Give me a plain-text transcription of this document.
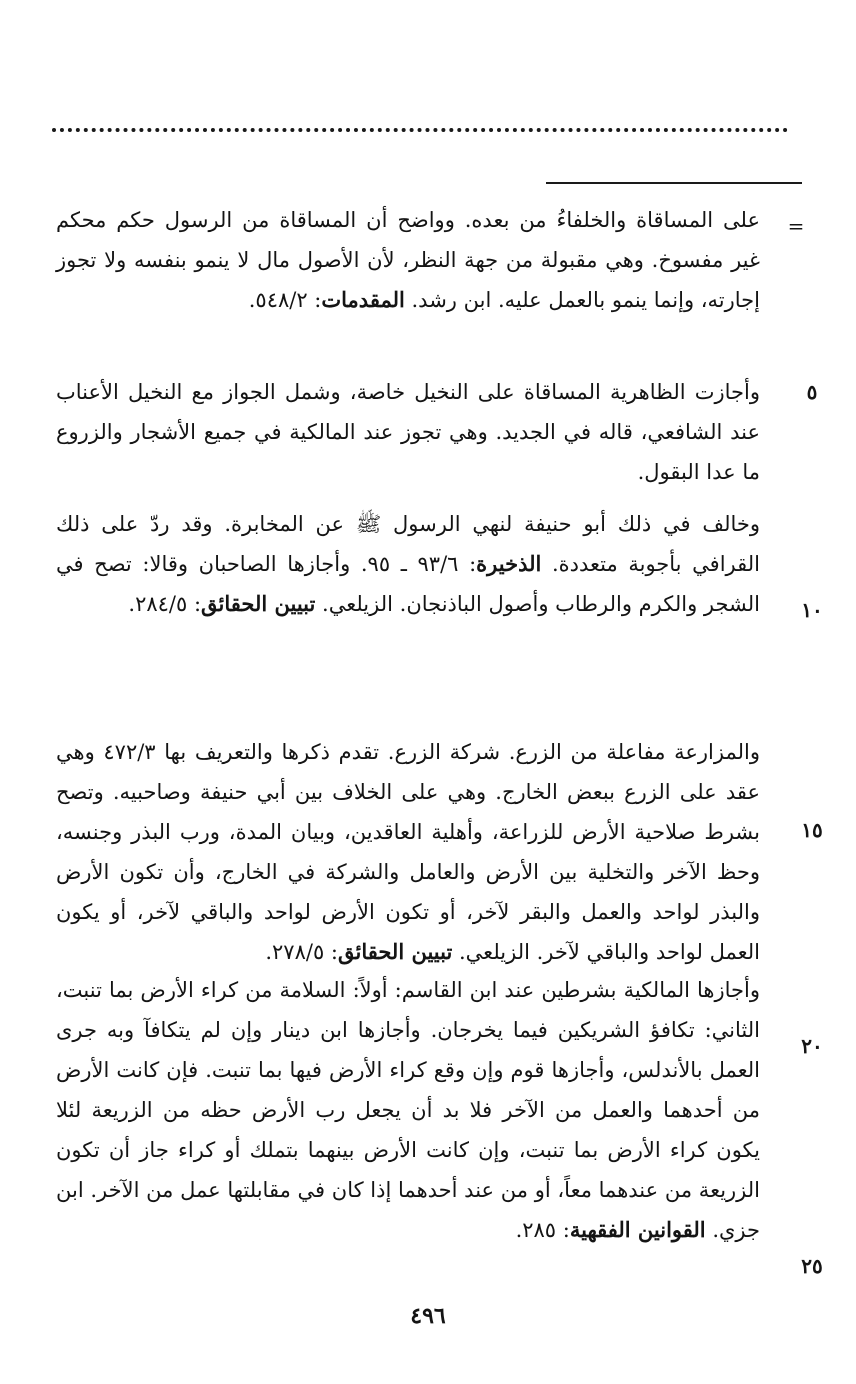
=

على المساقاة والخلفاءُ من بعده. وواضح أن المساقاة من الرسول حكم محكم غير مفسوخ. وهي مقبولة من جهة النظر، لأن الأصول مال لا ينمو بنفسه ولا تجوز إجارته، وإنما ينمو بالعمل عليه. ابن رشد. المقدمات: ٥٤٨/٢.

وأجازت الظاهرية المساقاة على النخيل خاصة، وشمل الجواز مع النخيل الأعناب عند الشافعي، قاله في الجديد. وهي تجوز عند المالكية في جميع الأشجار والزروع ما عدا البقول.

وخالف في ذلك أبو حنيفة لنهي الرسول ﷺ عن المخابرة. وقد ردّ على ذلك القرافي بأجوبة متعددة. الذخيرة: ٩٣/٦ ـ ٩٥. وأجازها الصاحبان وقالا: تصح في الشجر والكرم والرطاب وأصول الباذنجان. الزيلعي. تبيين الحقائق: ٢٨٤/٥.

والمزارعة مفاعلة من الزرع. شركة الزرع. تقدم ذكرها والتعريف بها ٤٧٢/٣ وهي عقد على الزرع ببعض الخارج. وهي على الخلاف بين أبي حنيفة وصاحبيه. وتصح بشرط صلاحية الأرض للزراعة، وأهلية العاقدين، وبيان المدة، ورب البذر وجنسه، وحظ الآخر والتخلية بين الأرض والعامل والشركة في الخارج، وأن تكون الأرض والبذر لواحد والعمل والبقر لآخر، أو تكون الأرض لواحد والباقي لآخر، أو يكون العمل لواحد والباقي لآخر. الزيلعي. تبيين الحقائق: ٢٧٨/٥.

وأجازها المالكية بشرطين عند ابن القاسم: أولاً: السلامة من كراء الأرض بما تنبت، الثاني: تكافؤ الشريكين فيما يخرجان. وأجازها ابن دينار وإن لم يتكافآ وبه جرى العمل بالأندلس، وأجازها قوم وإن وقع كراء الأرض فيها بما تنبت. فإن كانت الأرض من أحدهما والعمل من الآخر فلا بد أن يجعل رب الأرض حظه من الزريعة لئلا يكون كراء الأرض بما تنبت، وإن كانت الأرض بينهما بتملك أو كراء جاز أن تكون الزريعة من عندهما معاً، أو من عند أحدهما إذا كان في مقابلتها عمل من الآخر. ابن جزي. القوانين الفقهية: ٢٨٥.

٥
١٠
١٥
٢٠
٢٥
٤٩٦
